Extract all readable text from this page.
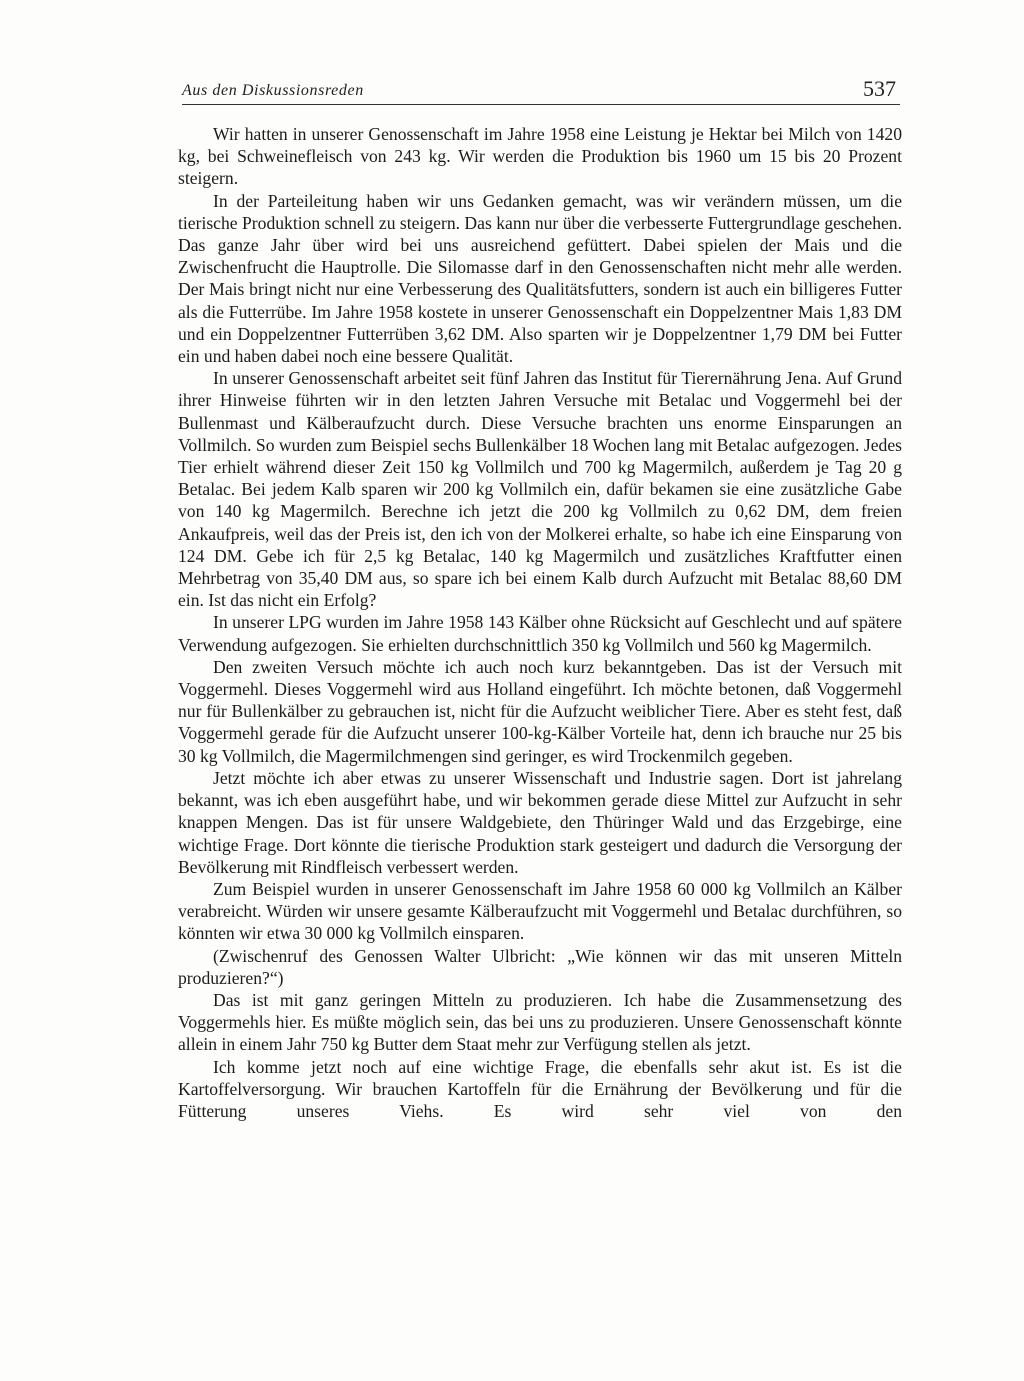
Aus den Diskussionsreden	537

Wir hatten in unserer Genossenschaft im Jahre 1958 eine Leistung je Hektar bei Milch von 1420 kg, bei Schweinefleisch von 243 kg. Wir werden die Produktion bis 1960 um 15 bis 20 Prozent steigern.

In der Parteileitung haben wir uns Gedanken gemacht, was wir verändern müssen, um die tierische Produktion schnell zu steigern. Das kann nur über die verbesserte Futtergrundlage geschehen. Das ganze Jahr über wird bei uns ausreichend gefüttert. Dabei spielen der Mais und die Zwischenfrucht die Hauptrolle. Die Silomasse darf in den Genossenschaften nicht mehr alle werden. Der Mais bringt nicht nur eine Verbesserung des Qualitätsfutters, sondern ist auch ein billigeres Futter als die Futterrübe. Im Jahre 1958 kostete in unserer Genossenschaft ein Doppelzentner Mais 1,83 DM und ein Doppelzentner Futterrüben 3,62 DM. Also sparten wir je Doppelzentner 1,79 DM bei Futter ein und haben dabei noch eine bessere Qualität.

In unserer Genossenschaft arbeitet seit fünf Jahren das Institut für Tierernährung Jena. Auf Grund ihrer Hinweise führten wir in den letzten Jahren Versuche mit Betalac und Voggermehl bei der Bullenmast und Kälberaufzucht durch. Diese Versuche brachten uns enorme Einsparungen an Vollmilch. So wurden zum Beispiel sechs Bullenkälber 18 Wochen lang mit Betalac aufgezogen. Jedes Tier erhielt während dieser Zeit 150 kg Vollmilch und 700 kg Magermilch, außerdem je Tag 20 g Betalac. Bei jedem Kalb sparen wir 200 kg Vollmilch ein, dafür bekamen sie eine zusätzliche Gabe von 140 kg Magermilch. Berechne ich jetzt die 200 kg Vollmilch zu 0,62 DM, dem freien Ankaufpreis, weil das der Preis ist, den ich von der Molkerei erhalte, so habe ich eine Einsparung von 124 DM. Gebe ich für 2,5 kg Betalac, 140 kg Magermilch und zusätzliches Kraftfutter einen Mehrbetrag von 35,40 DM aus, so spare ich bei einem Kalb durch Aufzucht mit Betalac 88,60 DM ein. Ist das nicht ein Erfolg?

In unserer LPG wurden im Jahre 1958 143 Kälber ohne Rücksicht auf Geschlecht und auf spätere Verwendung aufgezogen. Sie erhielten durchschnittlich 350 kg Vollmilch und 560 kg Magermilch.

Den zweiten Versuch möchte ich auch noch kurz bekanntgeben. Das ist der Versuch mit Voggermehl. Dieses Voggermehl wird aus Holland eingeführt. Ich möchte betonen, daß Voggermehl nur für Bullenkälber zu gebrauchen ist, nicht für die Aufzucht weiblicher Tiere. Aber es steht fest, daß Voggermehl gerade für die Aufzucht unserer 100-kg-Kälber Vorteile hat, denn ich brauche nur 25 bis 30 kg Vollmilch, die Magermilchmengen sind geringer, es wird Trockenmilch gegeben.

Jetzt möchte ich aber etwas zu unserer Wissenschaft und Industrie sagen. Dort ist jahrelang bekannt, was ich eben ausgeführt habe, und wir bekommen gerade diese Mittel zur Aufzucht in sehr knappen Mengen. Das ist für unsere Waldgebiete, den Thüringer Wald und das Erzgebirge, eine wichtige Frage. Dort könnte die tierische Produktion stark gesteigert und dadurch die Versorgung der Bevölkerung mit Rindfleisch verbessert werden.

Zum Beispiel wurden in unserer Genossenschaft im Jahre 1958 60 000 kg Vollmilch an Kälber verabreicht. Würden wir unsere gesamte Kälberaufzucht mit Voggermehl und Betalac durchführen, so könnten wir etwa 30 000 kg Vollmilch einsparen.

(Zwischenruf des Genossen Walter Ulbricht: „Wie können wir das mit unseren Mitteln produzieren?“)

Das ist mit ganz geringen Mitteln zu produzieren. Ich habe die Zusammensetzung des Voggermehls hier. Es müßte möglich sein, das bei uns zu produzieren. Unsere Genossenschaft könnte allein in einem Jahr 750 kg Butter dem Staat mehr zur Verfügung stellen als jetzt.

Ich komme jetzt noch auf eine wichtige Frage, die ebenfalls sehr akut ist. Es ist die Kartoffelversorgung. Wir brauchen Kartoffeln für die Ernährung der Bevölkerung und für die Fütterung unseres Viehs. Es wird sehr viel von den
